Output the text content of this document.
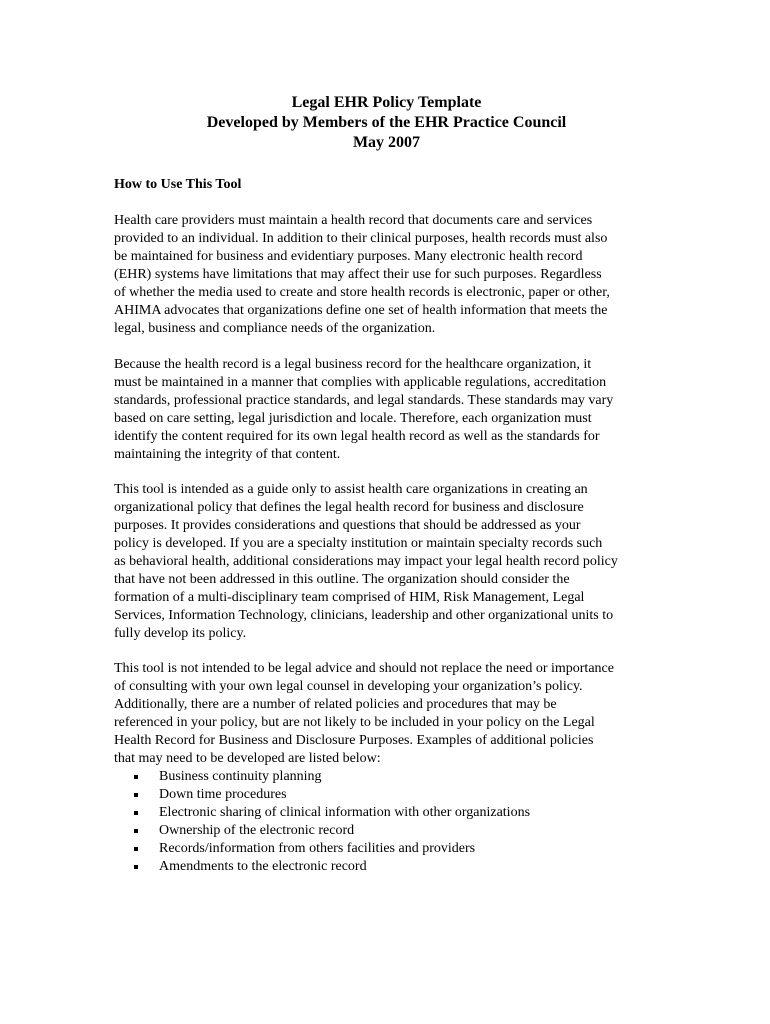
Legal EHR Policy Template
Developed by Members of the EHR Practice Council
May 2007
How to Use This Tool

Health care providers must maintain a health record that documents care and services
provided to an individual. In addition to their clinical purposes, health records must also
be maintained for business and evidentiary purposes. Many electronic health record
(EHR) systems have limitations that may affect their use for such purposes. Regardless
of whether the media used to create and store health records is electronic, paper or other,
AHIMA advocates that organizations define one set of health information that meets the
legal, business and compliance needs of the organization.

Because the health record is a legal business record for the healthcare organization, it
must be maintained in a manner that complies with applicable regulations, accreditation
standards, professional practice standards, and legal standards. These standards may vary
based on care setting, legal jurisdiction and locale. Therefore, each organization must
identify the content required for its own legal health record as well as the standards for
maintaining the integrity of that content.

This tool is intended as a guide only to assist health care organizations in creating an
organizational policy that defines the legal health record for business and disclosure
purposes. It provides considerations and questions that should be addressed as your
policy is developed. If you are a specialty institution or maintain specialty records such
as behavioral health, additional considerations may impact your legal health record policy
that have not been addressed in this outline. The organization should consider the
formation of a multi-disciplinary team comprised of HIM, Risk Management, Legal
Services, Information Technology, clinicians, leadership and other organizational units to
fully develop its policy.

This tool is not intended to be legal advice and should not replace the need or importance
of consulting with your own legal counsel in developing your organization’s policy.
Additionally, there are a number of related policies and procedures that may be
referenced in your policy, but are not likely to be included in your policy on the Legal
Health Record for Business and Disclosure Purposes. Examples of additional policies
that may need to be developed are listed below:

Business continuity planning
Down time procedures
Electronic sharing of clinical information with other organizations
Ownership of the electronic record
Records/information from others facilities and providers
Amendments to the electronic record
